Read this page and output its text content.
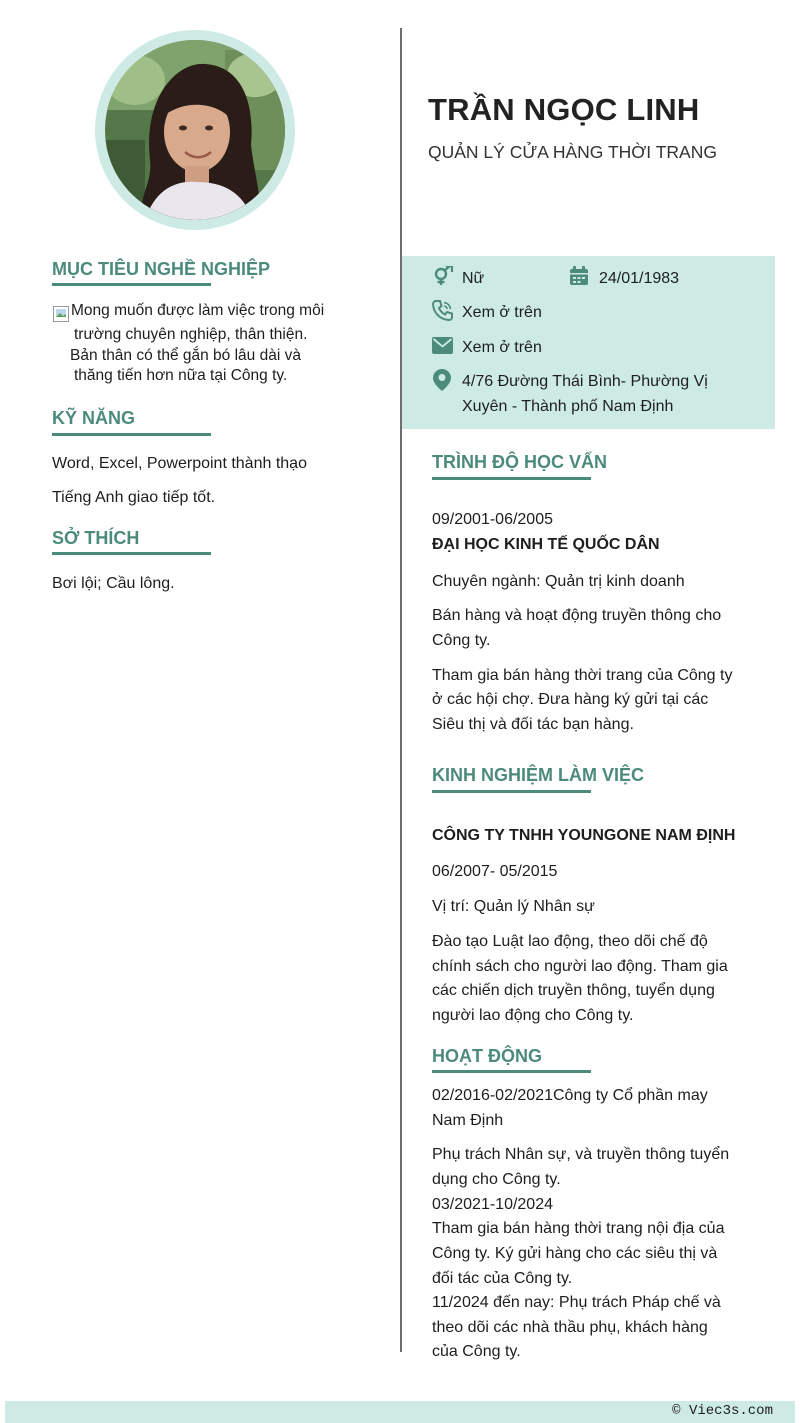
MỤC TIÊU NGHỀ NGHIỆP
Mong muốn được làm việc trong môi
trường chuyên nghiệp, thân thiện.
Bản thân có thể gắn bó lâu dài và
thăng tiến hơn nữa tại Công ty.
KỸ NĂNG
Word, Excel, Powerpoint thành thạo
Tiếng Anh giao tiếp tốt.
SỞ THÍCH
Bơi lội; Cầu lông.
TRẦN NGỌC LINH
QUẢN LÝ CỬA HÀNG THỜI TRANG
Nữ	24/01/1983
Xem ở trên
Xem ở trên
4/76 Đường Thái Bình- Phường Vị
Xuyên - Thành phố Nam Định
TRÌNH ĐỘ HỌC VẤN
09/2001-06/2005
ĐẠI HỌC KINH TẾ QUỐC DÂN
Chuyên ngành: Quản trị kinh doanh
Bán hàng và hoạt động truyền thông cho
Công ty.
Tham gia bán hàng thời trang của Công ty
ở các hội chợ. Đưa hàng ký gửi tại các
Siêu thị và đối tác bạn hàng.
KINH NGHIỆM LÀM VIỆC
CÔNG TY TNHH YOUNGONE NAM ĐỊNH
06/2007- 05/2015
Vị trí: Quản lý Nhân sự
Đào tạo Luật lao động, theo dõi chế độ
chính sách cho người lao động. Tham gia
các chiến dịch truyền thông, tuyển dụng
người lao động cho Công ty.
HOẠT ĐỘNG
02/2016-02/2021Công ty Cổ phần may
Nam Định
Phụ trách Nhân sự, và truyền thông tuyển
dụng cho Công ty.
03/2021-10/2024
Tham gia bán hàng thời trang nội địa của
Công ty. Ký gửi hàng cho các siêu thị và
đối tác của Công ty.
11/2024 đến nay: Phụ trách Pháp chế và
theo dõi các nhà thầu phụ, khách hàng
của Công ty.
© Viec3s.com
